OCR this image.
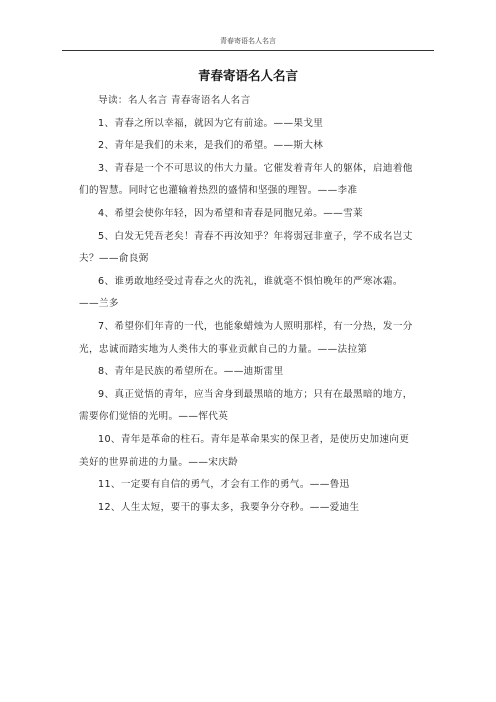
青春寄语名人名言
青春寄语名人名言

导读：名人名言 青春寄语名人名言

1、青春之所以幸福，就因为它有前途。——果戈里

2、青年是我们的未来，是我们的希望。——斯大林

3、青春是一个不可思议的伟大力量。它催发着青年人的躯体，启迪着他们的智慧。同时它也灌输着热烈的盛情和坚强的理智。——李准

4、希望会使你年轻，因为希望和青春是同胞兄弟。——雪莱

5、白发无凭吾老矣！青春不再汝知乎？年将弱冠非童子，学不成名岂丈夫？——俞良弼

6、谁勇敢地经受过青春之火的洗礼，谁就毫不惧怕晚年的严寒冰霜。——兰多

7、希望你们年青的一代，也能象蜡烛为人照明那样，有一分热，发一分光，忠诚而踏实地为人类伟大的事业贡献自己的力量。——法拉第

8、青年是民族的希望所在。——迪斯雷里

9、真正觉悟的青年，应当舍身到最黑暗的地方；只有在最黑暗的地方，需要你们觉悟的光明。——恽代英

10、青年是革命的柱石。青年是革命果实的保卫者，是使历史加速向更美好的世界前进的力量。——宋庆龄

11、一定要有自信的勇气，才会有工作的勇气。——鲁迅

12、人生太短，要干的事太多，我要争分夺秒。——爱迪生
